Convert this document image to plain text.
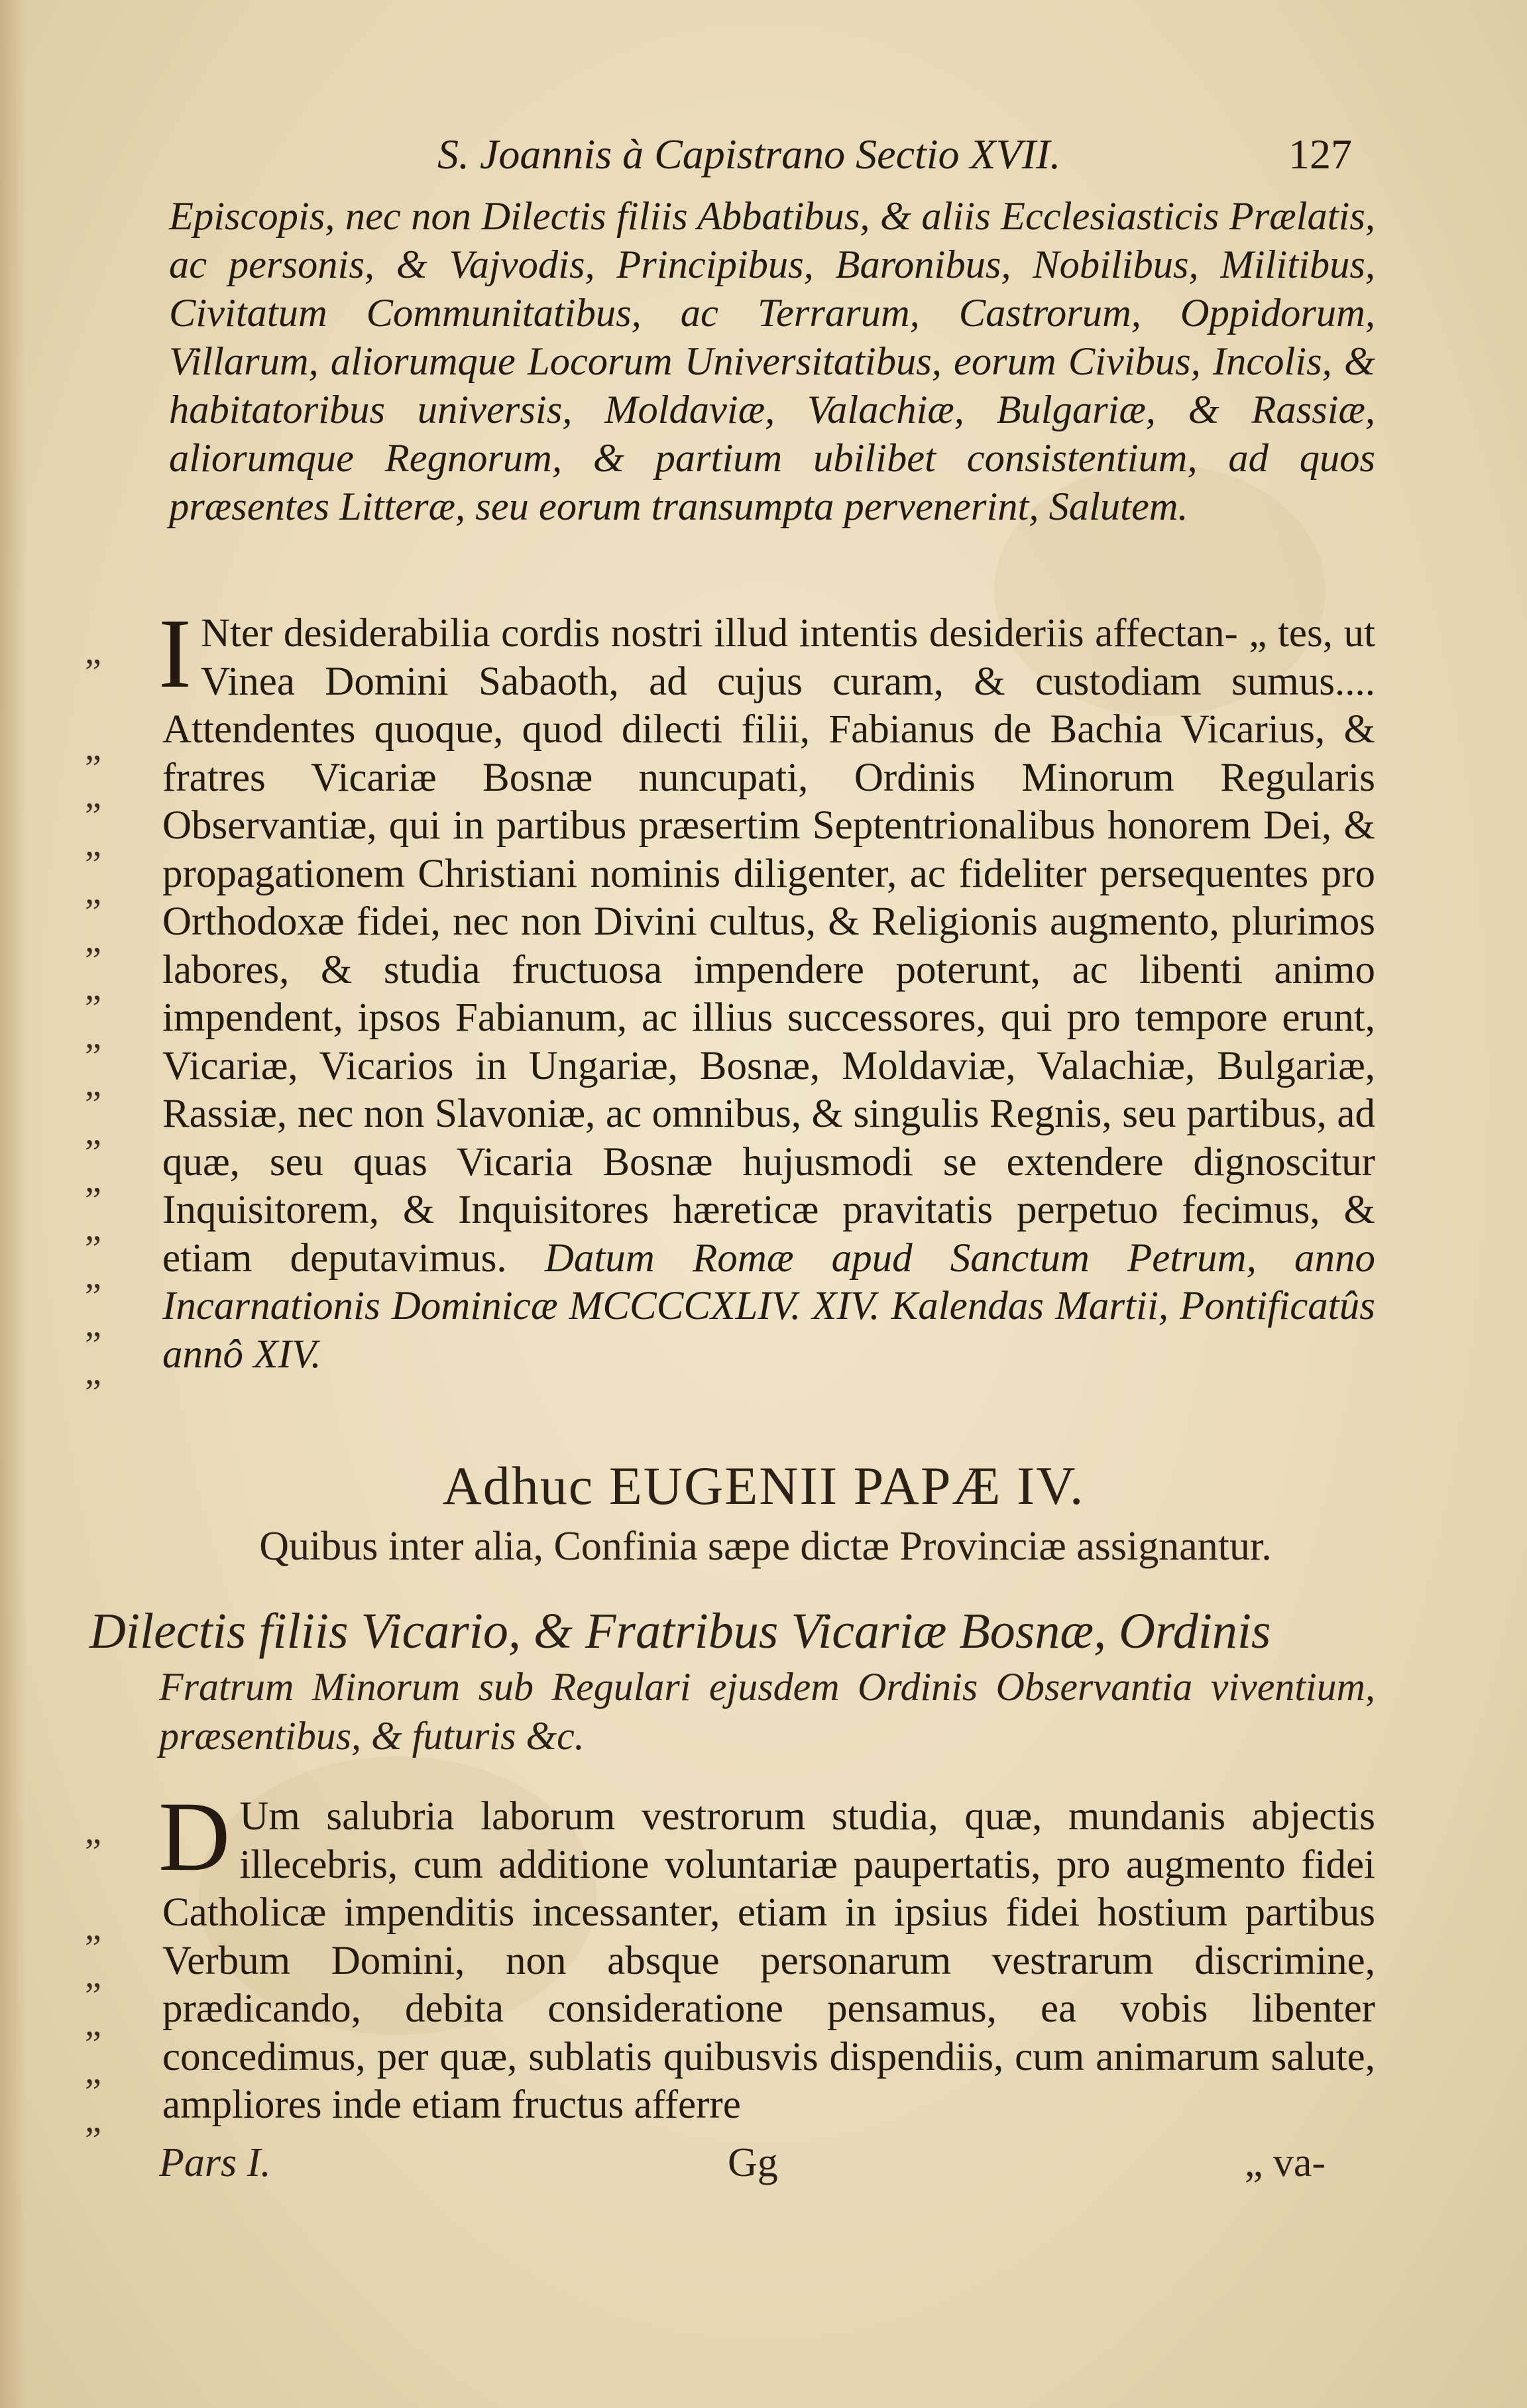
S. Joannis à Capistrano Sectio XVII.	127
Episcopis, nec non Dilectis filiis Abbatibus, & aliis Ecclesiasticis Prælatis, ac personis, & Vajvodis, Principibus, Baronibus, Nobilibus, Militibus, Civitatum Communitatibus, ac Terrarum, Castrorum, Oppidorum, Villarum, aliorumque Locorum Universitatibus, eorum Civibus, Incolis, & habitatoribus universis, Moldaviæ, Valachiæ, Bulgariæ, & Rassiæ, aliorumque Regnorum, & partium ubilibet consistentium, ad quos præsentes Litteræ, seu eorum transumpta pervenerint, Salutem.
„
„
„
„
„
„
„
„
„
„
„
„
„
„
„
I Nter desiderabilia cordis nostri illud intentis desideriis affectan- „ tes, ut Vinea Domini Sabaoth, ad cujus curam, & custodiam sumus.... Attendentes quoque, quod dilecti filii, Fabianus de Bachia Vicarius, & fratres Vicariæ Bosnæ nuncupati, Ordinis Minorum Regularis Observantiæ, qui in partibus præsertim Septentrionalibus honorem Dei, & propagationem Christiani nominis diligenter, ac fideliter persequentes pro Orthodoxæ fidei, nec non Divini cultus, & Religionis augmento, plurimos labores, & studia fructuosa impendere poterunt, ac libenti animo impendent, ipsos Fabianum, ac illius successores, qui pro tempore erunt, Vicariæ, Vicarios in Ungariæ, Bosnæ, Moldaviæ, Valachiæ, Bulgariæ, Rassiæ, nec non Slavoniæ, ac omnibus, & singulis Regnis, seu partibus, ad quæ, seu quas Vicaria Bosnæ hujusmodi se extendere dignoscitur Inquisitorem, & Inquisitores hæreticæ pravitatis perpetuo fecimus, & etiam deputavimus. Datum Romæ apud Sanctum Petrum, anno Incarnationis Dominicæ MCCCCXLIV. XIV. Kalendas Martii, Pontificatûs annô XIV.
Adhuc EUGENII PAPÆ IV.
Quibus inter alia, Confinia sæpe dictæ Provinciæ assignantur.
Dilectis filiis Vicario, & Fratribus Vicariæ Bosnæ, Ordinis
Fratrum Minorum sub Regulari ejusdem Ordinis Observantia viventium, præsentibus, & futuris &c.
„
„
„
„
„
„
D Um salubria laborum vestrorum studia, quæ, mundanis abjectis illecebris, cum additione voluntariæ paupertatis, pro augmento fidei Catholicæ impenditis incessanter, etiam in ipsius fidei hostium partibus Verbum Domini, non absque personarum vestrarum discrimine, prædicando, debita consideratione pensamus, ea vobis libenter concedimus, per quæ, sublatis quibusvis dispendiis, cum animarum salute, ampliores inde etiam fructus afferre
Pars I.	Gg	„ va-
